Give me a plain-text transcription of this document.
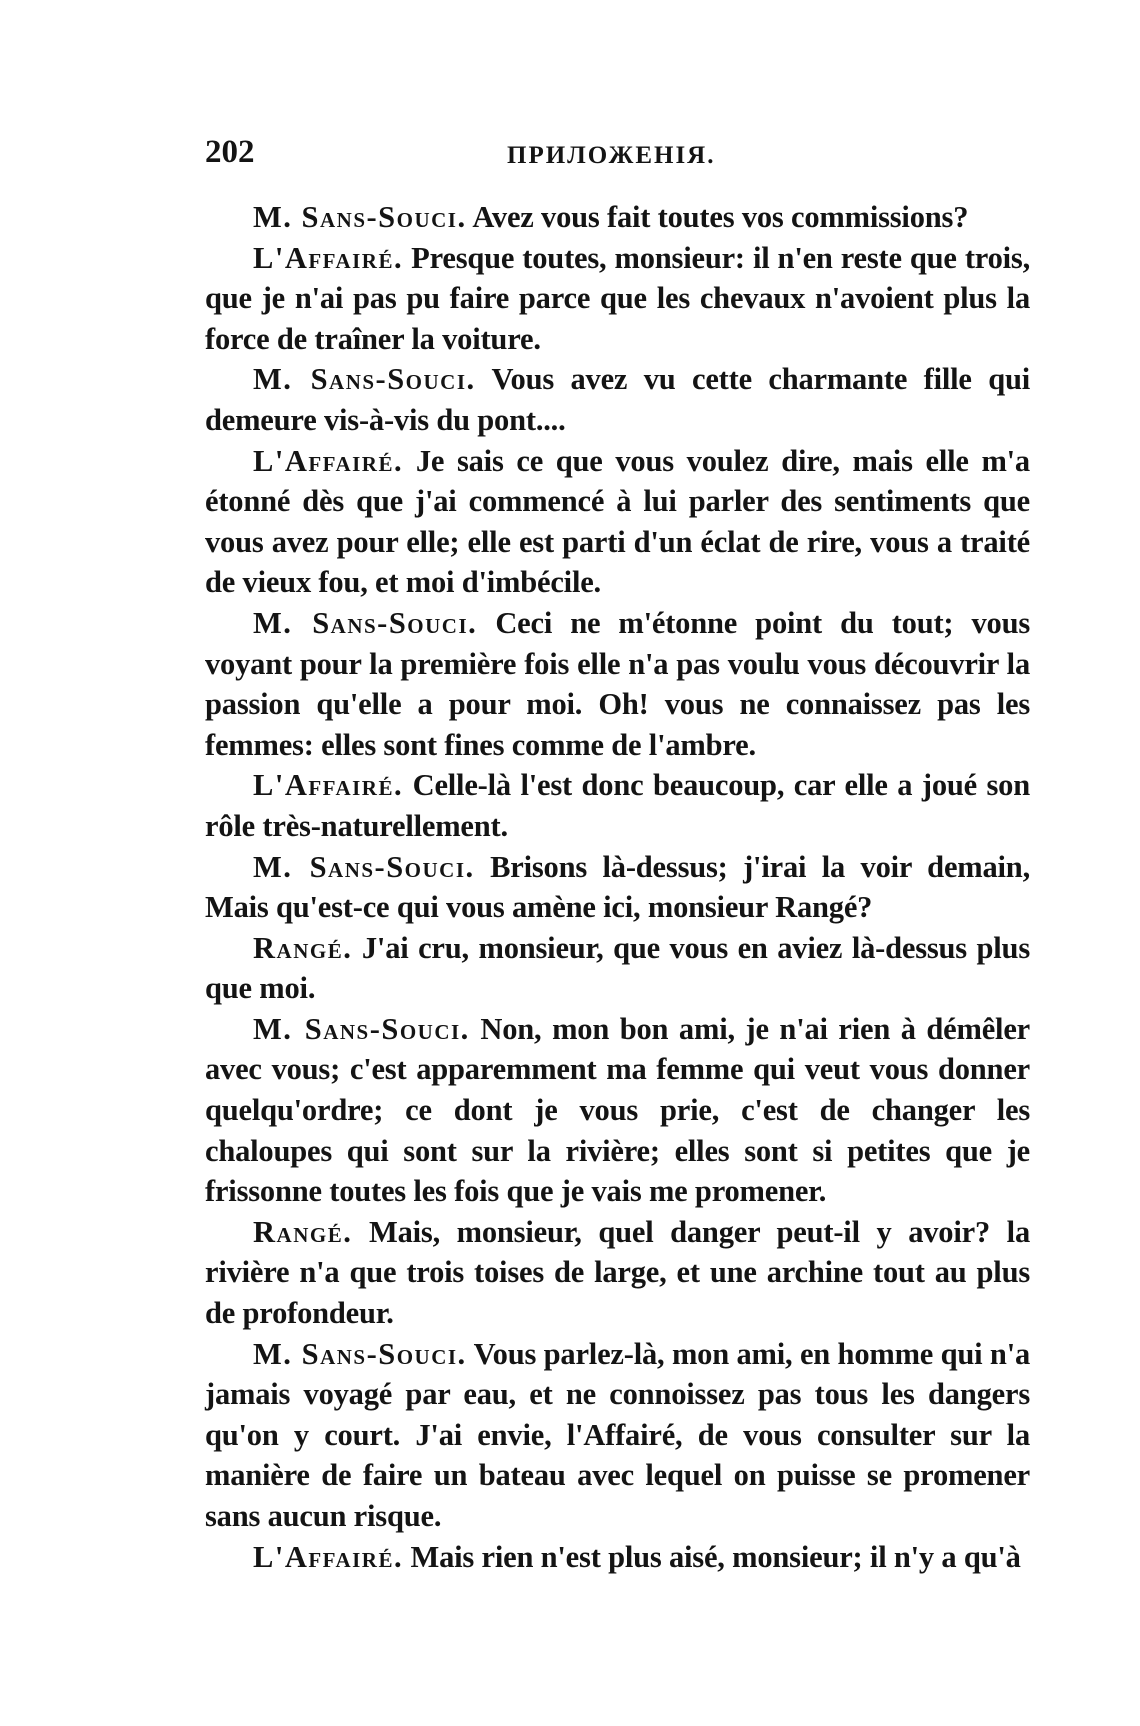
202	ПРИЛОЖЕНІЯ.

M. Sans-Souci. Avez vous fait toutes vos commissions?

L'Affairé. Presque toutes, monsieur: il n'en reste que trois, que je n'ai pas pu faire parce que les chevaux n'avoient plus la force de traîner la voiture.

M. Sans-Souci. Vous avez vu cette charmante fille qui demeure vis-à-vis du pont....

L'Affairé. Je sais ce que vous voulez dire, mais elle m'a étonné dès que j'ai commencé à lui parler des sentiments que vous avez pour elle; elle est parti d'un éclat de rire, vous a traité de vieux fou, et moi d'imbécile.

M. Sans-Souci. Ceci ne m'étonne point du tout; vous voyant pour la première fois elle n'a pas voulu vous découvrir la passion qu'elle a pour moi. Oh! vous ne connaissez pas les femmes: elles sont fines comme de l'ambre.

L'Affairé. Celle-là l'est donc beaucoup, car elle a joué son rôle très-naturellement.

M. Sans-Souci. Brisons là-dessus; j'irai la voir demain, Mais qu'est-ce qui vous amène ici, monsieur Rangé?

Rangé. J'ai cru, monsieur, que vous en aviez là-dessus plus que moi.

M. Sans-Souci. Non, mon bon ami, je n'ai rien à démêler avec vous; c'est apparemment ma femme qui veut vous donner quelqu'ordre; ce dont je vous prie, c'est de changer les chaloupes qui sont sur la rivière; elles sont si petites que je frissonne toutes les fois que je vais me promener.

Rangé. Mais, monsieur, quel danger peut-il y avoir? la rivière n'a que trois toises de large, et une archine tout au plus de profondeur.

M. Sans-Souci. Vous parlez-là, mon ami, en homme qui n'a jamais voyagé par eau, et ne connoissez pas tous les dangers qu'on y court. J'ai envie, l'Affairé, de vous consulter sur la manière de faire un bateau avec lequel on puisse se promener sans aucun risque.

L'Affairé. Mais rien n'est plus aisé, monsieur; il n'y a qu'à
